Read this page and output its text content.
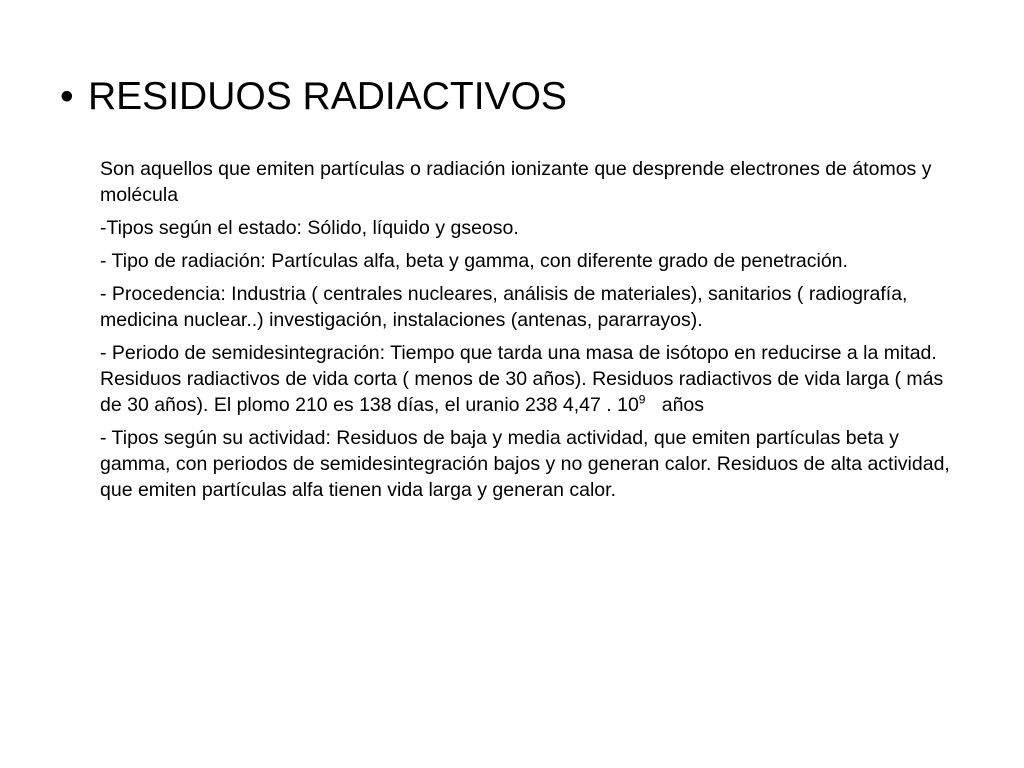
• RESIDUOS RADIACTIVOS

Son aquellos que emiten partículas o radiación ionizante que desprende electrones de átomos y molécula

-Tipos según el estado: Sólido, líquido y gseoso.

- Tipo de radiación: Partículas alfa, beta y gamma, con diferente grado de penetración.

- Procedencia: Industria ( centrales nucleares, análisis de materiales), sanitarios ( radiografía, medicina nuclear..) investigación, instalaciones (antenas, pararrayos).

- Periodo de semidesintegración: Tiempo que tarda una masa de isótopo en reducirse a la mitad. Residuos radiactivos de vida corta ( menos de 30 años). Residuos radiactivos de vida larga ( más de 30 años). El plomo 210 es 138 días, el uranio 238 4,47 . $10^9$   años

- Tipos según su actividad: Residuos de baja y media actividad, que emiten partículas beta y gamma, con periodos de semidesintegración bajos y no generan calor. Residuos de alta actividad, que emiten partículas alfa tienen vida larga y generan calor.
